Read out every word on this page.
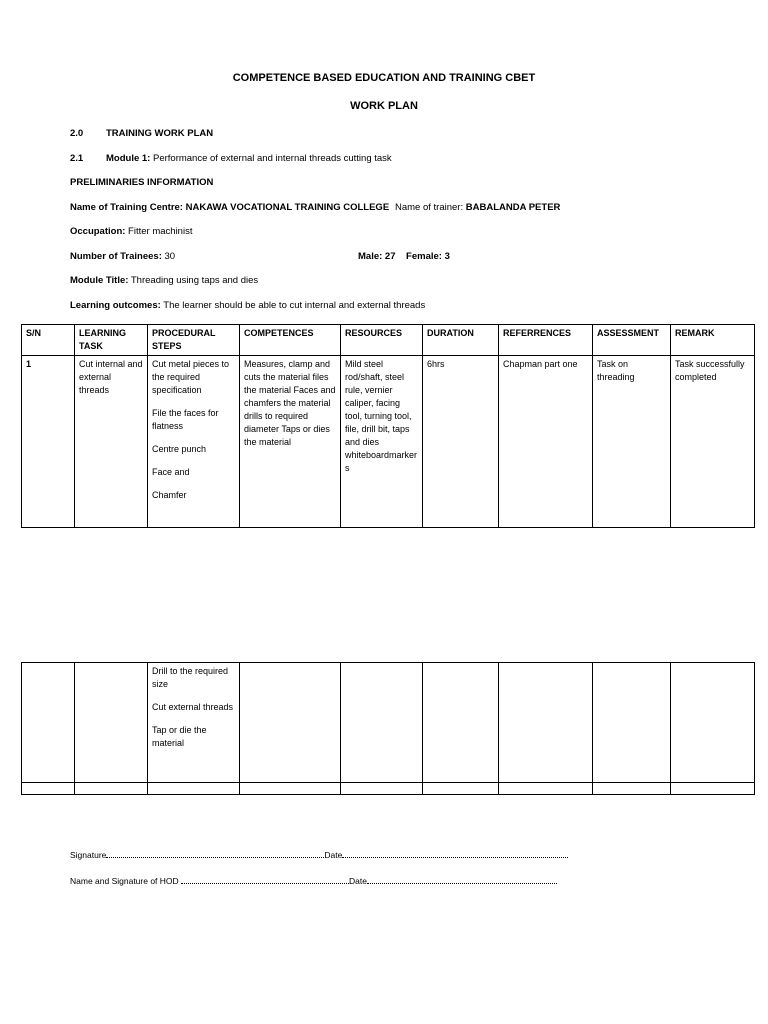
COMPETENCE BASED EDUCATION AND TRAINING CBET
WORK PLAN
2.0 TRAINING WORK PLAN
2.1 Module 1: Performance of external and internal threads cutting task
PRELIMINARIES INFORMATION
Name of Training Centre: NAKAWA VOCATIONAL TRAINING COLLEGE Name of trainer: BABALANDA PETER
Occupation: Fitter machinist
Number of Trainees: 30	Male: 27    Female: 3
Module Title: Threading using taps and dies
Learning outcomes: The learner should be able to cut internal and external threads
S/N	LEARNING TASK	PROCEDURAL STEPS	COMPETENCES	RESOURCES	DURATION	REFERRENCES	ASSESSMENT	REMARK
1	Cut internal and external threads	Cut metal pieces to the required specification
File the faces for flatness
Centre punch
Face and
Chamfer	Measures, clamp and cuts the material files the material Faces and chamfers the material drills to required diameter Taps or dies the material	Mild steel rod/shaft, steel rule, vernier caliper, facing tool, turning tool, file, drill bit, taps and dies whiteboardmarkers	6hrs	Chapman part one	Task on threading	Task successfully completed

		Drill to the required size
Cut external threads
Tap or die the material						

Signature	Date
Name and Signature of HOD	Date
